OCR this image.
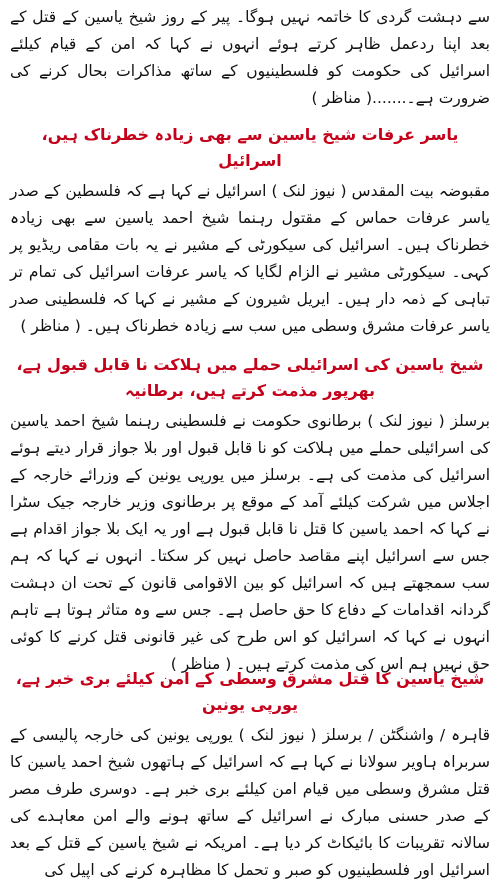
سے دہشت گردی کا خاتمہ نہیں ہوگا۔ پیر کے روز شیخ یاسین کے قتل کے بعد اپنا ردعمل ظاہر کرتے ہوئے انہوں نے کہا کہ امن کے قیام کیلئے اسرائیل کی حکومت کو فلسطینیوں کے ساتھ مذاکرات بحال کرنے کی ضرورت ہے۔.......( مناظر )

یاسر عرفات شیخ یاسین سے بھی زیادہ خطرناک ہیں، اسرائیل

مقبوضہ بیت المقدس ( نیوز لنک ) اسرائیل نے کہا ہے کہ فلسطین کے صدر یاسر عرفات حماس کے مقتول رہنما شیخ احمد یاسین سے بھی زیادہ خطرناک ہیں۔ اسرائیل کی سیکورٹی کے مشیر نے یہ بات مقامی ریڈیو پر کہی۔ سیکورٹی مشیر نے الزام لگایا کہ یاسر عرفات اسرائیل کی تمام تر تباہی کے ذمہ دار ہیں۔ ایریل شیرون کے مشیر نے کہا کہ فلسطینی صدر یاسر عرفات مشرق وسطی میں سب سے زیادہ خطرناک ہیں۔ ( مناظر )

شیخ یاسین کی اسرائیلی حملے میں ہلاکت نا قابل قبول ہے، بھرپور مذمت کرتے ہیں، برطانیہ

برسلز ( نیوز لنک ) برطانوی حکومت نے فلسطینی رہنما شیخ احمد یاسین کی اسرائیلی حملے میں ہلاکت کو نا قابل قبول اور بلا جواز قرار دیتے ہوئے اسرائیل کی مذمت کی ہے۔ برسلز میں یورپی یونین کے وزرائے خارجہ کے اجلاس میں شرکت کیلئے آمد کے موقع پر برطانوی وزیر خارجہ جیک سٹرا نے کہا کہ احمد یاسین کا قتل نا قابل قبول ہے اور یہ ایک بلا جواز اقدام ہے جس سے اسرائیل اپنے مقاصد حاصل نہیں کر سکتا۔ انہوں نے کہا کہ ہم سب سمجھتے ہیں کہ اسرائیل کو بین الاقوامی قانون کے تحت ان دہشت گردانہ اقدامات کے دفاع کا حق حاصل ہے۔ جس سے وہ متاثر ہوتا ہے تاہم انہوں نے کہا کہ اسرائیل کو اس طرح کی غیر قانونی قتل کرنے کا کوئی حق نہیں ہم اس کی مذمت کرتے ہیں۔ ( مناظر )

شیخ یاسین کا قتل مشرق وسطی کے امن کیلئے بری خبر ہے، یورپی یونین

قاہرہ / واشنگٹن / برسلز ( نیوز لنک ) یورپی یونین کی خارجہ پالیسی کے سربراہ ہاویر سولانا نے کہا ہے کہ اسرائیل کے ہاتھوں شیخ احمد یاسین کا قتل مشرق وسطی میں قیام امن کیلئے بری خبر ہے۔ دوسری طرف مصر کے صدر حسنی مبارک نے اسرائیل کے ساتھ ہونے والے امن معاہدے کی سالانہ تقریبات کا بائیکاٹ کر دیا ہے۔ امریکہ نے شیخ یاسین کے قتل کے بعد اسرائیل اور فلسطینیوں کو صبر و تحمل کا مظاہرہ کرنے کی اپیل کی
